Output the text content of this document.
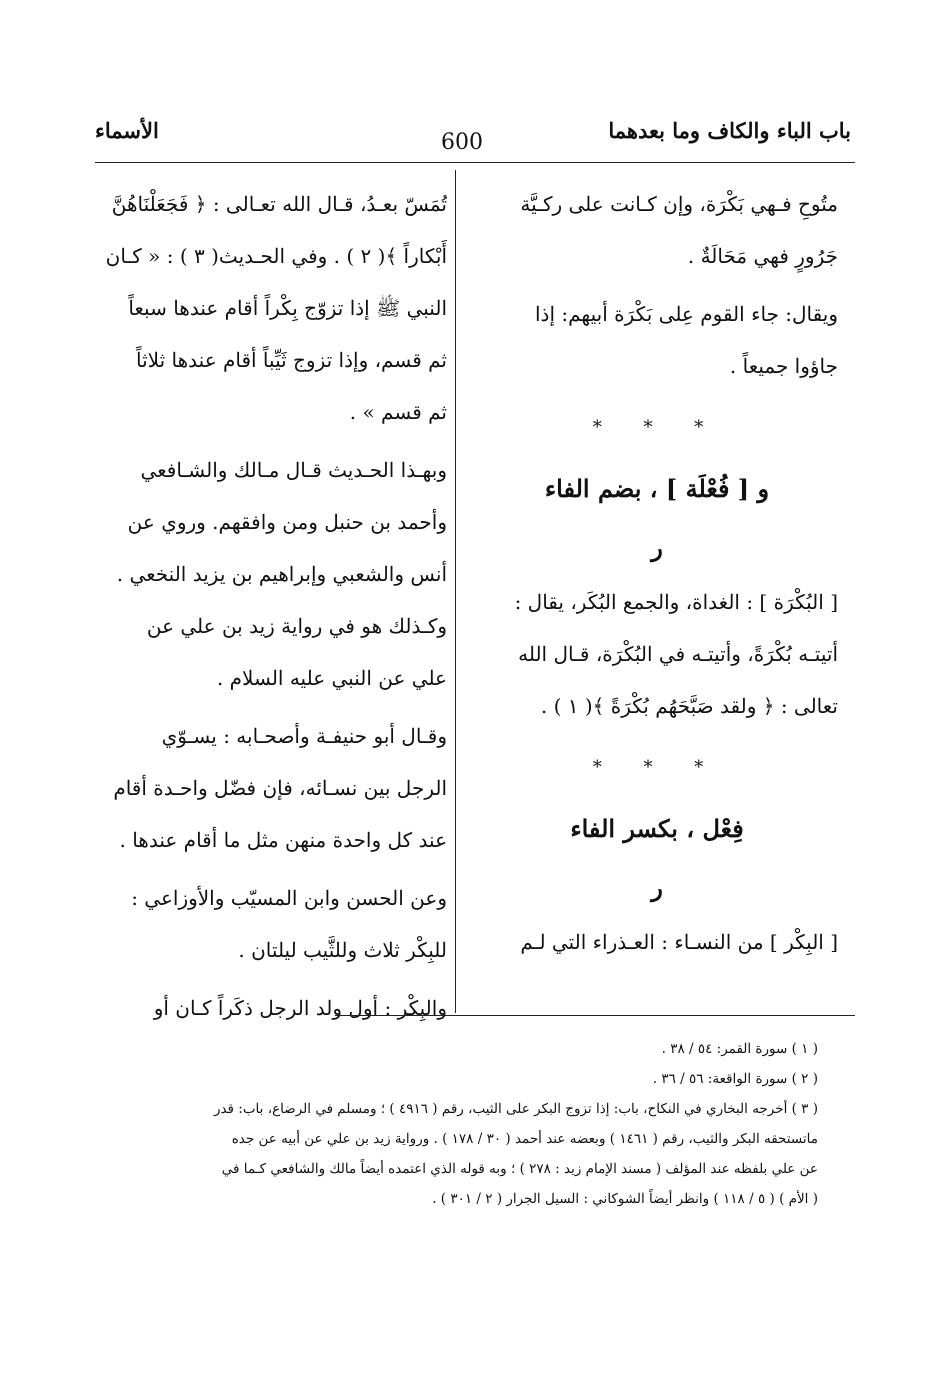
باب الباء والكاف وما بعدهما
600
الأسماء
متُوحِ فـهي بَكْرَة، وإن كـانت على ركـيَّة
جَرُورٍ فهي مَحَالَةٌ .
ويقال: جاء القوم عِلى بَكْرَة أبيهم: إذا
جاؤوا جميعاً .
* * *
و [ فُعْلَة ] ، بضم الفاء
ر
[ البُكْرَة ] : الغداة، والجمع البُكَر، يقال :
أتيتـه بُكْرَةً، وأتيتـه في البُكْرَة، قـال الله
تعالى : ﴿ ولقد صَبَّحَهُم بُكْرَةً ﴾( ١ ) .
* * *
فِعْل ، بكسر الفاء
ر
[ البِكْر ] من النسـاء : العـذراء التي لـم
تُمَسّ بعـدُ، قـال الله تعـالى : ﴿ فَجَعَلْنَاهُنَّ
أَبْكاراً ﴾( ٢ ) . وفي الحـديث( ٣ ) : « كـان
النبي ﷺ إذا تزوّج بِكْراً أقام عندها سبعاً
ثم قسم، وإذا تزوج ثَيِّباً أقام عندها ثلاثاً
ثم قسم » .
وبهـذا الحـديث قـال مـالك والشـافعي
وأحمد بن حنبل ومن وافقهم. وروي عن
أنس والشعبي وإبراهيم بن يزيد النخعي .
وكـذلك هو في رواية زيد بن علي عن
علي عن النبي عليه السلام .
وقـال أبو حنيفـة وأصحـابه : يسـوّي
الرجل بين نسـائه، فإن فضّل واحـدة أقام
عند كل واحدة منهن مثل ما أقام عندها .
وعن الحسن وابن المسيّب والأوزاعي :
للبِكْر ثلاث وللثَّيب ليلتان .
والبِكْر : أول ولد الرجل ذكَراً كـان أو
( ١ ) سورة القمر: ٥٤ / ٣٨ .
( ٢ ) سورة الواقعة: ٥٦ / ٣٦ .
( ٣ ) أخرجه البخاري في النكاح، باب: إذا تزوج البكر على الثيب، رقم ( ٤٩١٦ ) ؛ ومسلم في الرضاع، باب: قدر
ماتستحقه البكر والثيب، رقم ( ١٤٦١ ) وبعضه عند أحمد ( ٣٠ / ١٧٨ ) . ورواية زيد بن علي عن أبيه عن جده
عن علي بلفظه عند المؤلف ( مسند الإمام زيد : ٢٧٨ ) ؛ وبه قوله الذي اعتمده أيضاً مالك والشافعي كـما في
( الأم ) ( ٥ / ١١٨ ) وانظر أيضاً الشوكاني : السيل الجرار ( ٢ / ٣٠١ ) .
